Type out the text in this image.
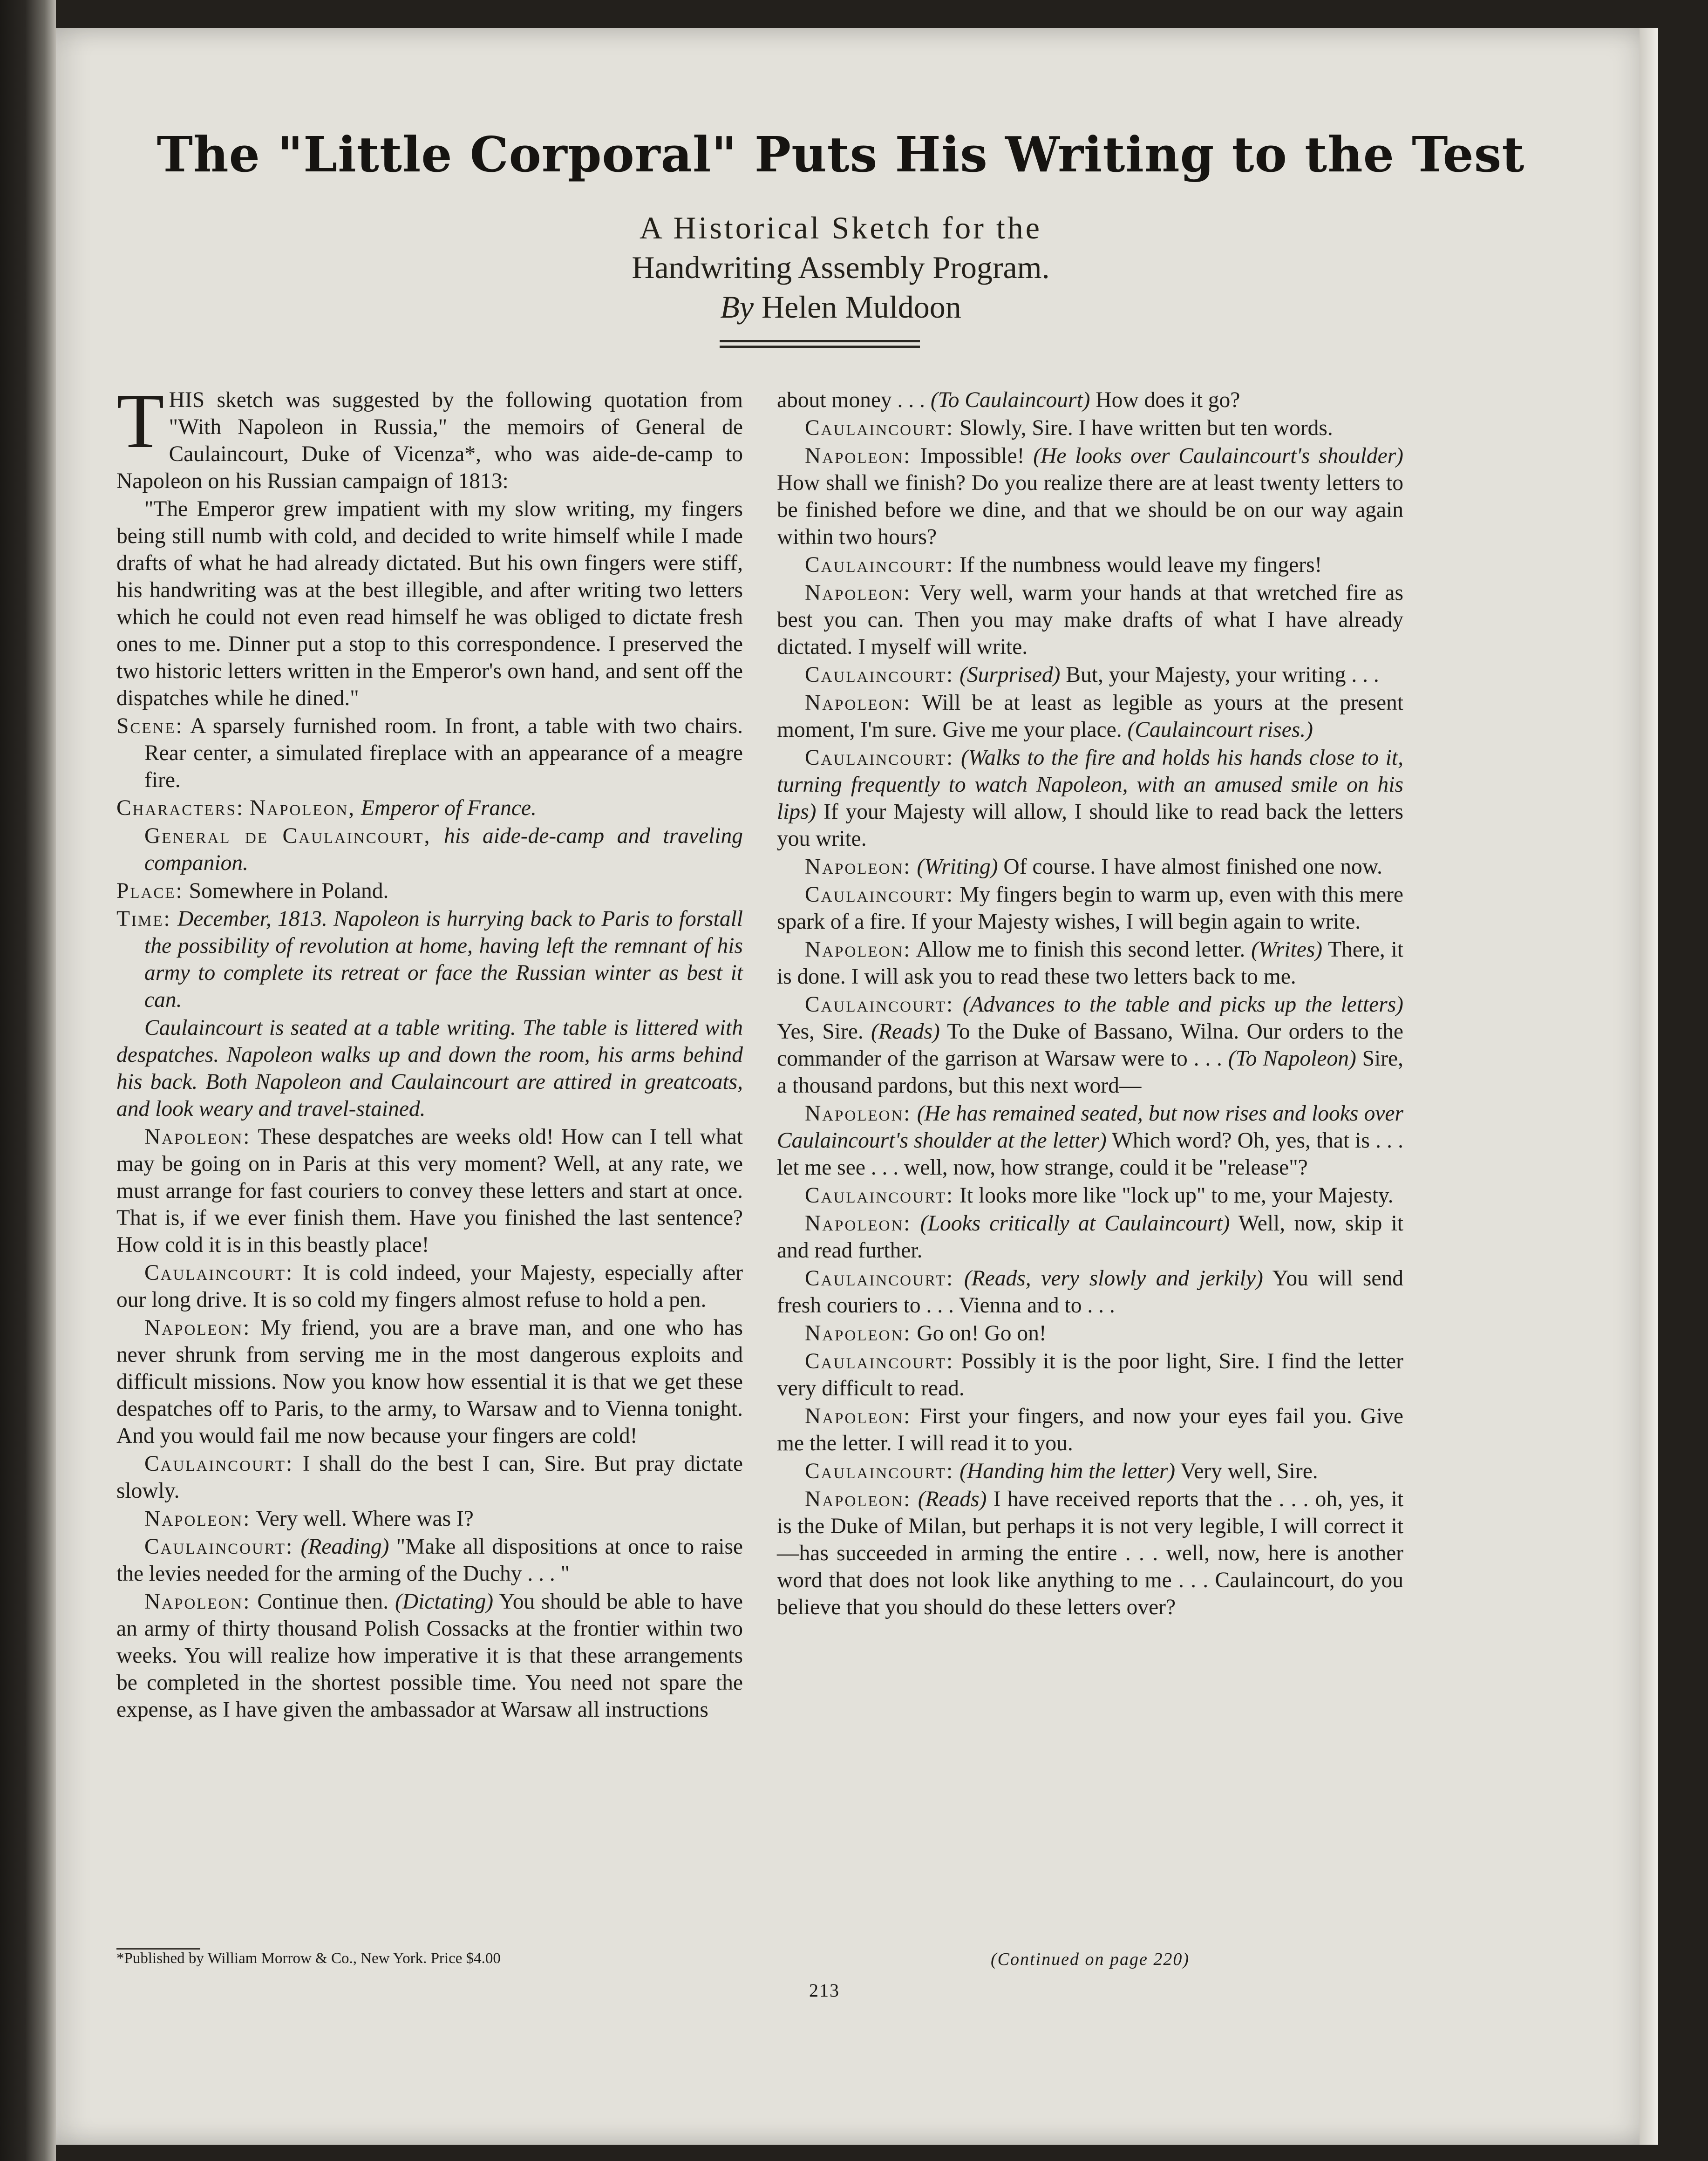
The "Little Corporal" Puts His Writing to the Test
A Historical Sketch for the
Handwriting Assembly Program.
By Helen Muldoon

THIS sketch was suggested by the following quotation from "With Napoleon in Russia," the memoirs of General de Caulaincourt, Duke of Vicenza*, who was aide-de-camp to Napoleon on his Russian campaign of 1813:

"The Emperor grew impatient with my slow writing, my fingers being still numb with cold, and decided to write himself while I made drafts of what he had already dictated. But his own fingers were stiff, his handwriting was at the best illegible, and after writing two letters which he could not even read himself he was obliged to dictate fresh ones to me. Dinner put a stop to this correspondence. I preserved the two historic letters written in the Emperor's own hand, and sent off the dispatches while he dined."

Scene: A sparsely furnished room. In front, a table with two chairs. Rear center, a simulated fireplace with an appearance of a meagre fire.

Characters: Napoleon, Emperor of France.

General de Caulaincourt, his aide-de-camp and traveling companion.

Place: Somewhere in Poland.

Time: December, 1813. Napoleon is hurrying back to Paris to forstall the possibility of revolution at home, having left the remnant of his army to complete its retreat or face the Russian winter as best it can.

Caulaincourt is seated at a table writing. The table is littered with despatches. Napoleon walks up and down the room, his arms behind his back. Both Napoleon and Caulaincourt are attired in greatcoats, and look weary and travel-stained.

Napoleon: These despatches are weeks old! How can I tell what may be going on in Paris at this very moment? Well, at any rate, we must arrange for fast couriers to convey these letters and start at once. That is, if we ever finish them. Have you finished the last sentence? How cold it is in this beastly place!

Caulaincourt: It is cold indeed, your Majesty, especially after our long drive. It is so cold my fingers almost refuse to hold a pen.

Napoleon: My friend, you are a brave man, and one who has never shrunk from serving me in the most dangerous exploits and difficult missions. Now you know how essential it is that we get these despatches off to Paris, to the army, to Warsaw and to Vienna tonight. And you would fail me now because your fingers are cold!

Caulaincourt: I shall do the best I can, Sire. But pray dictate slowly.

Napoleon: Very well. Where was I?

Caulaincourt: (Reading) "Make all dispositions at once to raise the levies needed for the arming of the Duchy . . . "

Napoleon: Continue then. (Dictating) You should be able to have an army of thirty thousand Polish Cossacks at the frontier within two weeks. You will realize how imperative it is that these arrangements be completed in the shortest possible time. You need not spare the expense, as I have given the ambassador at Warsaw all instructions

about money . . . (To Caulaincourt) How does it go?

Caulaincourt: Slowly, Sire. I have written but ten words.

Napoleon: Impossible! (He looks over Caulaincourt's shoulder) How shall we finish? Do you realize there are at least twenty letters to be finished before we dine, and that we should be on our way again within two hours?

Caulaincourt: If the numbness would leave my fingers!

Napoleon: Very well, warm your hands at that wretched fire as best you can. Then you may make drafts of what I have already dictated. I myself will write.

Caulaincourt: (Surprised) But, your Majesty, your writing . . .

Napoleon: Will be at least as legible as yours at the present moment, I'm sure. Give me your place. (Caulaincourt rises.)

Caulaincourt: (Walks to the fire and holds his hands close to it, turning frequently to watch Napoleon, with an amused smile on his lips) If your Majesty will allow, I should like to read back the letters you write.

Napoleon: (Writing) Of course. I have almost finished one now.

Caulaincourt: My fingers begin to warm up, even with this mere spark of a fire. If your Majesty wishes, I will begin again to write.

Napoleon: Allow me to finish this second letter. (Writes) There, it is done. I will ask you to read these two letters back to me.

Caulaincourt: (Advances to the table and picks up the letters) Yes, Sire. (Reads) To the Duke of Bassano, Wilna. Our orders to the commander of the garrison at Warsaw were to . . . (To Napoleon) Sire, a thousand pardons, but this next word—

Napoleon: (He has remained seated, but now rises and looks over Caulaincourt's shoulder at the letter) Which word? Oh, yes, that is . . . let me see . . . well, now, how strange, could it be "release"?

Caulaincourt: It looks more like "lock up" to me, your Majesty.

Napoleon: (Looks critically at Caulaincourt) Well, now, skip it and read further.

Caulaincourt: (Reads, very slowly and jerkily) You will send fresh couriers to . . . Vienna and to . . .

Napoleon: Go on! Go on!

Caulaincourt: Possibly it is the poor light, Sire. I find the letter very difficult to read.

Napoleon: First your fingers, and now your eyes fail you. Give me the letter. I will read it to you.

Caulaincourt: (Handing him the letter) Very well, Sire.

Napoleon: (Reads) I have received reports that the . . . oh, yes, it is the Duke of Milan, but perhaps it is not very legible, I will correct it—has succeeded in arming the entire . . . well, now, here is another word that does not look like anything to me . . . Caulaincourt, do you believe that you should do these letters over?

*Published by William Morrow & Co., New York. Price $4.00	(Continued on page 220)
213
